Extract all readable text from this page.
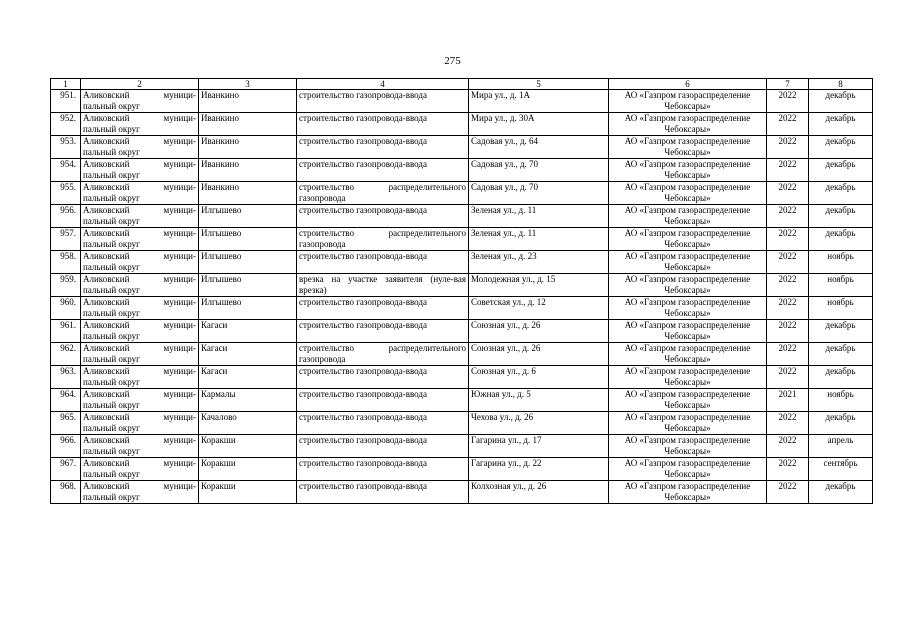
275
1	2	3	4	5	6	7	8
951.	Аликовский муници-пальный округ	Иванкино	строительство газопровода-ввода	Мира ул., д. 1А	АО «Газпром газораспределение Чебоксары»	2022	декабрь
952.	Аликовский муници-пальный округ	Иванкино	строительство газопровода-ввода	Мира ул., д. 30А	АО «Газпром газораспределение Чебоксары»	2022	декабрь
953.	Аликовский муници-пальный округ	Иванкино	строительство газопровода-ввода	Садовая ул., д. 64	АО «Газпром газораспределение Чебоксары»	2022	декабрь
954.	Аликовский муници-пальный округ	Иванкино	строительство газопровода-ввода	Садовая ул., д. 70	АО «Газпром газораспределение Чебоксары»	2022	декабрь
955.	Аликовский муници-пальный округ	Иванкино	строительство распределительного газопровода	Садовая ул., д. 70	АО «Газпром газораспределение Чебоксары»	2022	декабрь
956.	Аликовский муници-пальный округ	Илгышево	строительство газопровода-ввода	Зеленая ул., д. 11	АО «Газпром газораспределение Чебоксары»	2022	декабрь
957.	Аликовский муници-пальный округ	Илгышево	строительство распределительного газопровода	Зеленая ул., д. 11	АО «Газпром газораспределение Чебоксары»	2022	декабрь
958.	Аликовский муници-пальный округ	Илгышево	строительство газопровода-ввода	Зеленая ул., д. 23	АО «Газпром газораспределение Чебоксары»	2022	ноябрь
959.	Аликовский муници-пальный округ	Илгышево	врезка на участке заявителя (нуле-вая врезка)	Молодежная ул., д. 15	АО «Газпром газораспределение Чебоксары»	2022	ноябрь
960.	Аликовский муници-пальный округ	Илгышево	строительство газопровода-ввода	Советская ул., д. 12	АО «Газпром газораспределение Чебоксары»	2022	ноябрь
961.	Аликовский муници-пальный округ	Кагаси	строительство газопровода-ввода	Союзная ул., д. 26	АО «Газпром газораспределение Чебоксары»	2022	декабрь
962.	Аликовский муници-пальный округ	Кагаси	строительство распределительного газопровода	Союзная ул., д. 26	АО «Газпром газораспределение Чебоксары»	2022	декабрь
963.	Аликовский муници-пальный округ	Кагаси	строительство газопровода-ввода	Союзная ул., д. 6	АО «Газпром газораспределение Чебоксары»	2022	декабрь
964.	Аликовский муници-пальный округ	Кармалы	строительство газопровода-ввода	Южная ул., д. 5	АО «Газпром газораспределение Чебоксары»	2021	ноябрь
965.	Аликовский муници-пальный округ	Качалово	строительство газопровода-ввода	Чехова ул., д. 26	АО «Газпром газораспределение Чебоксары»	2022	декабрь
966.	Аликовский муници-пальный округ	Коракши	строительство газопровода-ввода	Гагарина ул., д. 17	АО «Газпром газораспределение Чебоксары»	2022	апрель
967.	Аликовский муници-пальный округ	Коракши	строительство газопровода-ввода	Гагарина ул., д. 22	АО «Газпром газораспределение Чебоксары»	2022	сентябрь
968.	Аликовский муници-пальный округ	Коракши	строительство газопровода-ввода	Колхозная ул., д. 26	АО «Газпром газораспределение Чебоксары»	2022	декабрь
